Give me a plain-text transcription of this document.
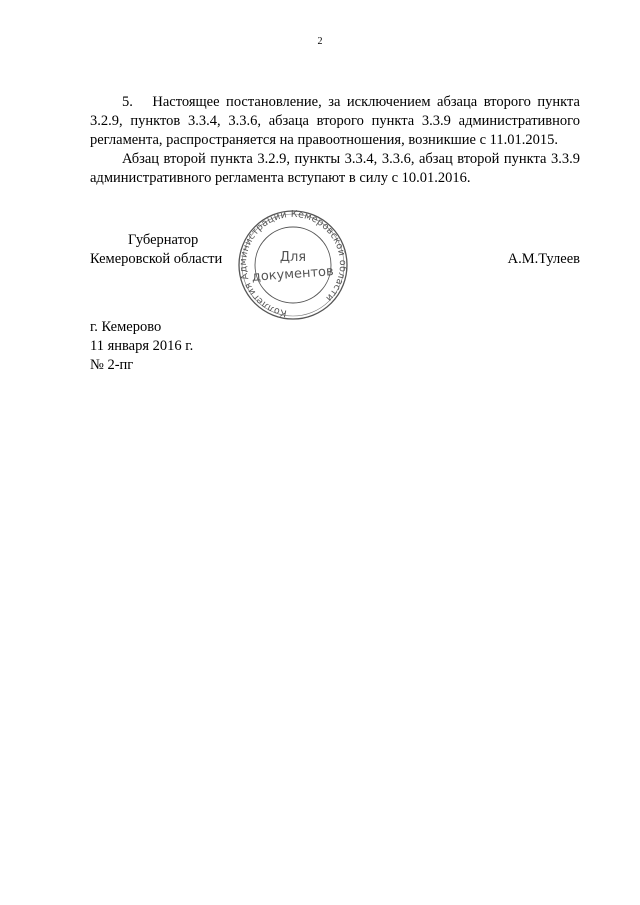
2

5.   Настоящее постановление, за исключением абзаца второго пункта 3.2.9, пунктов 3.3.4, 3.3.6, абзаца второго пункта 3.3.9 административного регламента, распространяется на правоотношения, возникшие с 11.01.2015.

Абзац второй пункта 3.2.9, пункты 3.3.4, 3.3.6, абзац второй пункта 3.3.9 административного регламента вступают в силу с 10.01.2016.

Губернатор
Кемеровской области
Коллегия Администрации Кемеровской области
Для
документов
А.М.Тулеев
г. Кемерово
11 января 2016 г.
№ 2-пг
